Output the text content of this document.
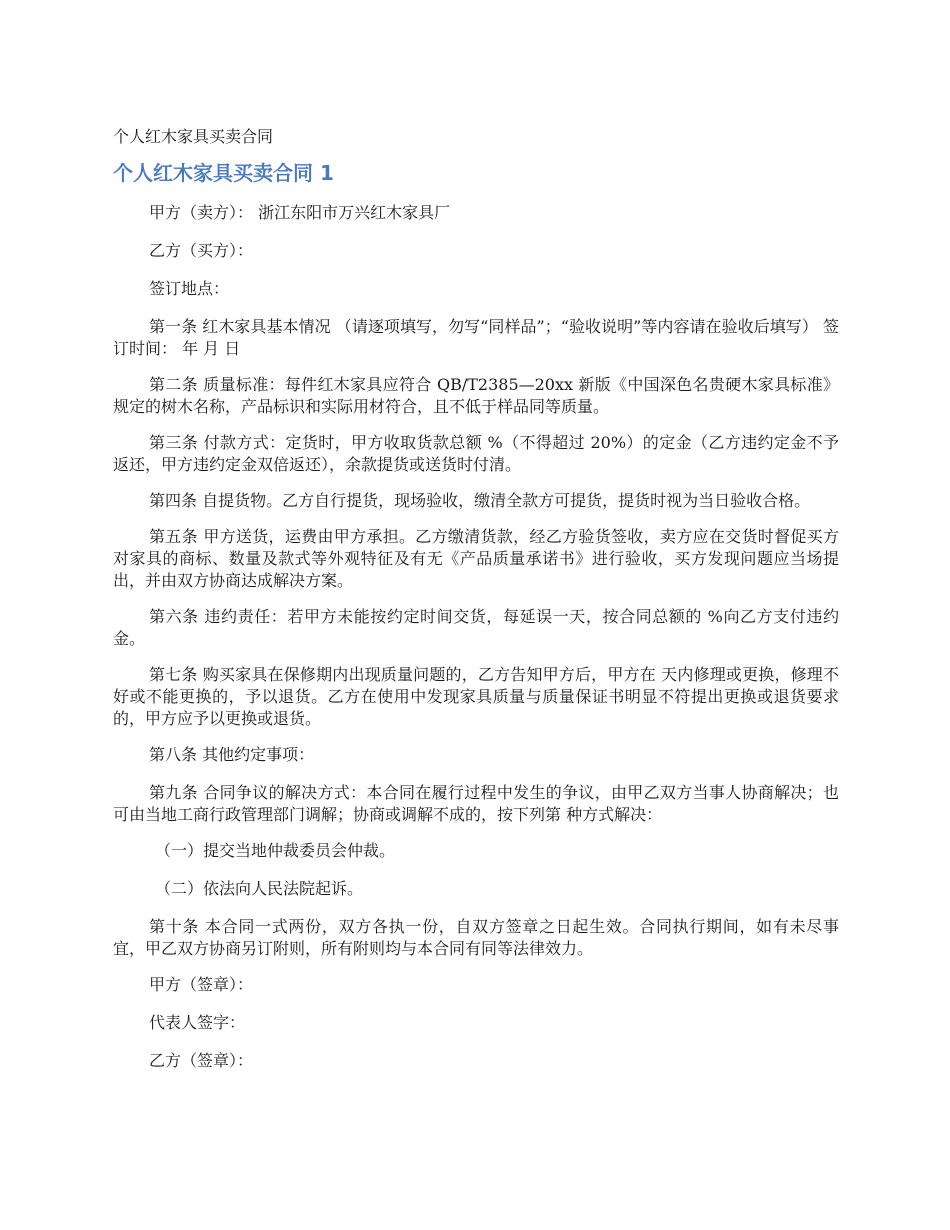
个人红木家具买卖合同
个人红木家具买卖合同 1

甲方（卖方）： 浙江东阳市万兴红木家具厂

乙方（买方）：

签订地点：

第一条 红木家具基本情况 （请逐项填写，勿写“同样品”；“验收说明”等内容请在验收后填写） 签订时间： 年 月 日

第二条 质量标准：每件红木家具应符合 QB/T2385—20xx 新版《中国深色名贵硬木家具标准》规定的树木名称，产品标识和实际用材符合，且不低于样品同等质量。

第三条 付款方式：定货时，甲方收取货款总额 %（不得超过 20%）的定金（乙方违约定金不予返还，甲方违约定金双倍返还），余款提货或送货时付清。

第四条 自提货物。乙方自行提货，现场验收，缴清全款方可提货，提货时视为当日验收合格。

第五条 甲方送货，运费由甲方承担。乙方缴清货款，经乙方验货签收，卖方应在交货时督促买方对家具的商标、数量及款式等外观特征及有无《产品质量承诺书》进行验收，买方发现问题应当场提出，并由双方协商达成解决方案。

第六条 违约责任：若甲方未能按约定时间交货，每延误一天，按合同总额的 %向乙方支付违约金。

第七条 购买家具在保修期内出现质量问题的，乙方告知甲方后，甲方在 天内修理或更换，修理不好或不能更换的，予以退货。乙方在使用中发现家具质量与质量保证书明显不符提出更换或退货要求的，甲方应予以更换或退货。

第八条 其他约定事项：

第九条 合同争议的解决方式：本合同在履行过程中发生的争议，由甲乙双方当事人协商解决；也可由当地工商行政管理部门调解；协商或调解不成的，按下列第 种方式解决：

（一）提交当地仲裁委员会仲裁。

（二）依法向人民法院起诉。

第十条 本合同一式两份，双方各执一份，自双方签章之日起生效。合同执行期间，如有未尽事宜，甲乙双方协商另订附则，所有附则均与本合同有同等法律效力。

甲方（签章）：

代表人签字：

乙方（签章）：
